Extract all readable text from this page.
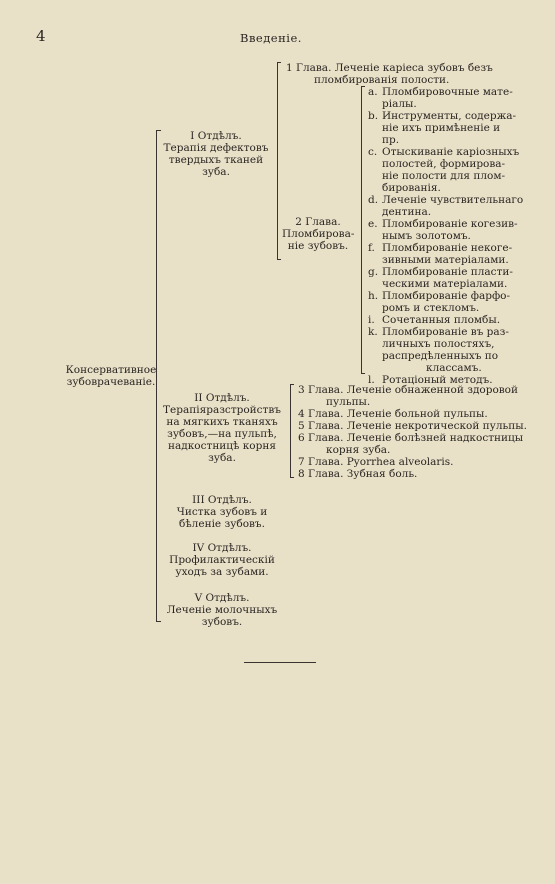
4	Введеніе.
Консервативное
зубоврачеваніе.
I Отдѣлъ.
Терапія дефектовъ
твердыхъ тканей
зуба.
1 Глава. Леченіе каріеса зубовъ безъ
пломбированія полости.
2 Глава.
Пломбирова-
ніе зубовъ.
a. Пломбировочные мате-
ріалы.
b. Инструменты, содержа-
ніе ихъ примѣненіе и
пр.
c. Отыскиваніе каріозныхъ
полостей, формирова-
ніе полости для плом-
бированія.
d. Леченіе чувствительнаго
дентина.
e. Пломбированіе когезив-
нымъ золотомъ.
f. Пломбированіе некоге-
зивными матеріалами.
g. Пломбированіе пласти-
ческими матеріалами.
h. Пломбированіе фарфо-
ромъ и стекломъ.
i. Сочетанныя пломбы.
k. Пломбированіе въ раз-
личныхъ полостяхъ,
распредѣленныхъ по
классамъ.
l. Ротаціоный методъ.
II Отдѣлъ.
Терапіяразстройствъ
на мягкихъ тканяхъ
зубовъ,—на пульпѣ,
надкостницѣ корня
зуба.
3 Глава. Леченіе обнаженной здоровой
пульпы.
4 Глава. Леченіе больной пульпы.
5 Глава. Леченіе некротической пульпы.
6 Глава. Леченіе болѣзней надкостницы
корня зуба.
7 Глава. Pyorrhea alveolaris.
8 Глава. Зубная боль.
III Отдѣлъ.
Чистка зубовъ и
бѣленіе зубовъ.
IV Отдѣлъ.
Профилактическій
уходъ за зубами.
V Отдѣлъ.
Леченіе молочныхъ
зубовъ.
